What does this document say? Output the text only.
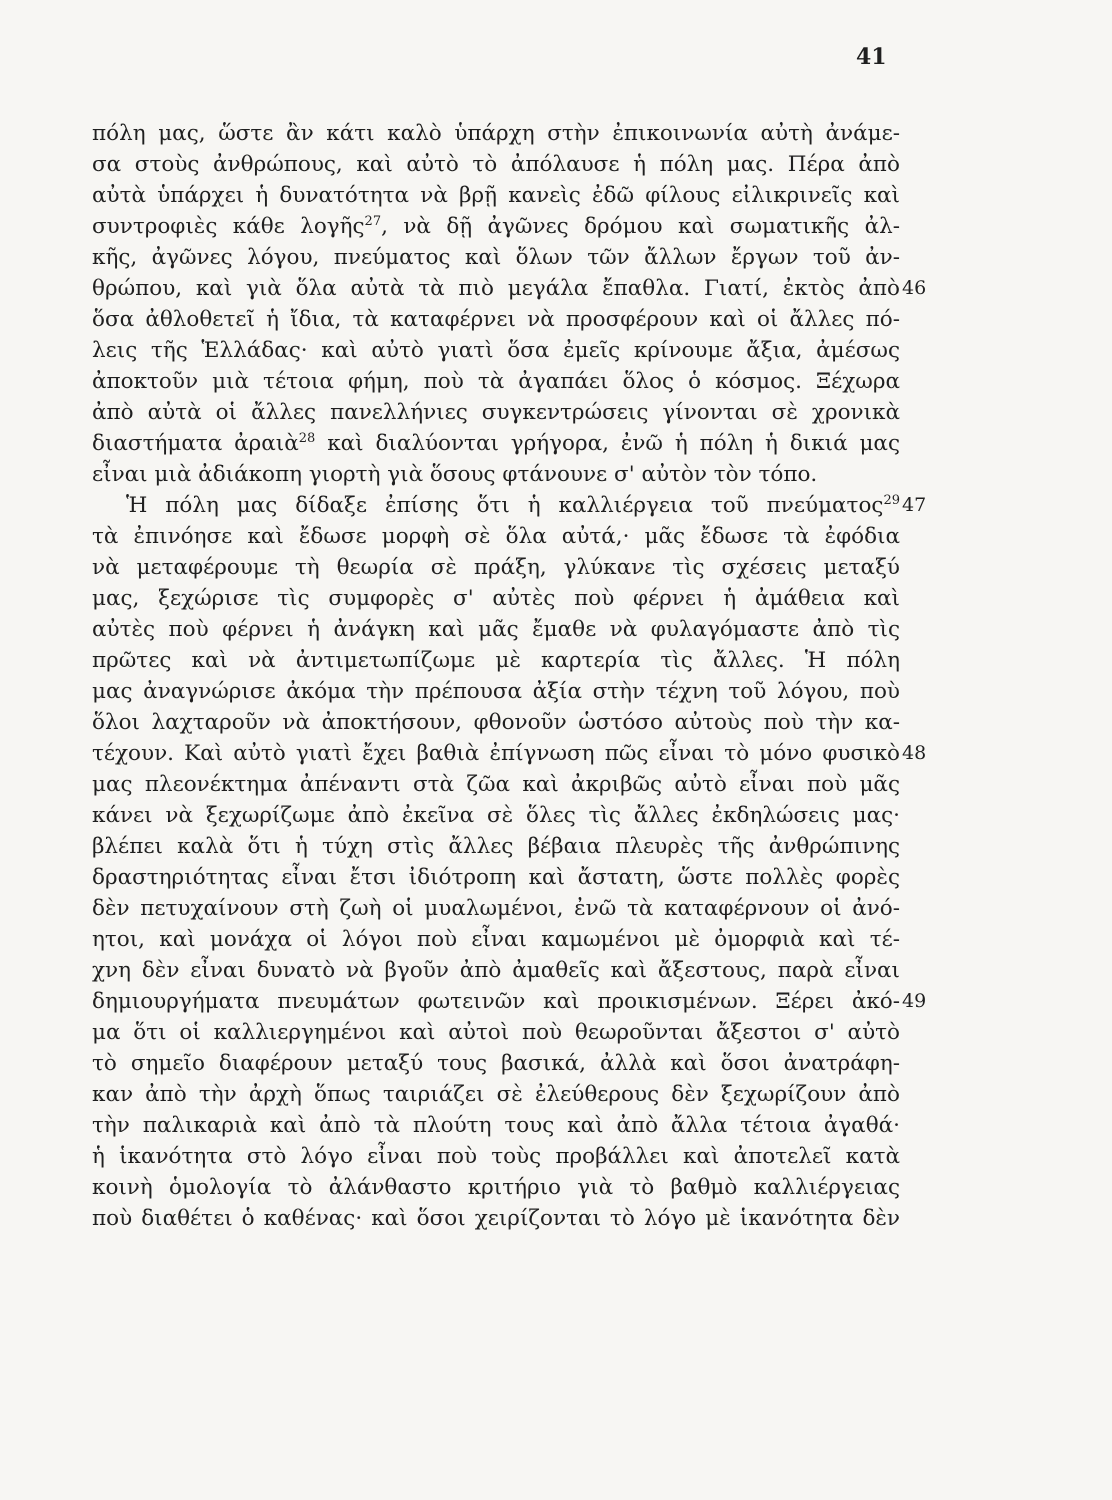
41
πόλη μας, ὥστε ἂν κάτι καλὸ ὑπάρχη στὴν ἐπικοινωνία αὐτὴ ἀνάμε-
σα στοὺς ἀνθρώπους, καὶ αὐτὸ τὸ ἀπόλαυσε ἡ πόλη μας. Πέρα ἀπὸ
αὐτὰ ὑπάρχει ἡ δυνατότητα νὰ βρῇ κανεὶς ἐδῶ φίλους εἰλικρινεῖς καὶ
συντροφιὲς κάθε λογῆς$^{27}$, νὰ δῇ ἀγῶνες δρόμου καὶ σωματικῆς ἀλ-
κῆς, ἀγῶνες λόγου, πνεύματος καὶ ὅλων τῶν ἄλλων ἔργων τοῦ ἀν-
θρώπου, καὶ γιὰ ὅλα αὐτὰ τὰ πιὸ μεγάλα ἔπαθλα. Γιατί, ἐκτὸς ἀπὸ 46
ὅσα ἀθλοθετεῖ ἡ ἴδια, τὰ καταφέρνει νὰ προσφέρουν καὶ οἱ ἄλλες πό-
λεις τῆς Ἑλλάδας· καὶ αὐτὸ γιατὶ ὅσα ἐμεῖς κρίνουμε ἄξια, ἀμέσως
ἀποκτοῦν μιὰ τέτοια φήμη, ποὺ τὰ ἀγαπάει ὅλος ὁ κόσμος. Ξέχωρα
ἀπὸ αὐτὰ οἱ ἄλλες πανελλήνιες συγκεντρώσεις γίνονται σὲ χρονικὰ
διαστήματα ἀραιὰ$^{28}$ καὶ διαλύονται γρήγορα, ἐνῶ ἡ πόλη ἡ δικιά μας
εἶναι μιὰ ἀδιάκοπη γιορτὴ γιὰ ὅσους φτάνουνε σ' αὐτὸν τὸν τόπο.
Ἡ πόλη μας δίδαξε ἐπίσης ὅτι ἡ καλλιέργεια τοῦ πνεύματος$^{29}$ 47
τὰ ἐπινόησε καὶ ἔδωσε μορφὴ σὲ ὅλα αὐτά,· μᾶς ἔδωσε τὰ ἐφόδια
νὰ μεταφέρουμε τὴ θεωρία σὲ πράξη, γλύκανε τὶς σχέσεις μεταξύ
μας, ξεχώρισε τὶς συμφορὲς σ' αὐτὲς ποὺ φέρνει ἡ ἀμάθεια καὶ
αὐτὲς ποὺ φέρνει ἡ ἀνάγκη καὶ μᾶς ἔμαθε νὰ φυλαγόμαστε ἀπὸ τὶς
πρῶτες καὶ νὰ ἀντιμετωπίζωμε μὲ καρτερία τὶς ἄλλες. Ἡ πόλη
μας ἀναγνώρισε ἀκόμα τὴν πρέπουσα ἀξία στὴν τέχνη τοῦ λόγου, ποὺ
ὅλοι λαχταροῦν νὰ ἀποκτήσουν, φθονοῦν ὡστόσο αὐτοὺς ποὺ τὴν κα-
τέχουν. Καὶ αὐτὸ γιατὶ ἔχει βαθιὰ ἐπίγνωση πῶς εἶναι τὸ μόνο φυσικὸ 48
μας πλεονέκτημα ἀπέναντι στὰ ζῶα καὶ ἀκριβῶς αὐτὸ εἶναι ποὺ μᾶς
κάνει νὰ ξεχωρίζωμε ἀπὸ ἐκεῖνα σὲ ὅλες τὶς ἄλλες ἐκδηλώσεις μας·
βλέπει καλὰ ὅτι ἡ τύχη στὶς ἄλλες βέβαια πλευρὲς τῆς ἀνθρώπινης
δραστηριότητας εἶναι ἔτσι ἰδιότροπη καὶ ἄστατη, ὥστε πολλὲς φορὲς
δὲν πετυχαίνουν στὴ ζωὴ οἱ μυαλωμένοι, ἐνῶ τὰ καταφέρνουν οἱ ἀνό-
ητοι, καὶ μονάχα οἱ λόγοι ποὺ εἶναι καμωμένοι μὲ ὀμορφιὰ καὶ τέ-
χνη δὲν εἶναι δυνατὸ νὰ βγοῦν ἀπὸ ἀμαθεῖς καὶ ἄξεστους, παρὰ εἶναι
δημιουργήματα πνευμάτων φωτεινῶν καὶ προικισμένων. Ξέρει ἀκό- 49
μα ὅτι οἱ καλλιεργημένοι καὶ αὐτοὶ ποὺ θεωροῦνται ἄξεστοι σ' αὐτὸ
τὸ σημεῖο διαφέρουν μεταξύ τους βασικά, ἀλλὰ καὶ ὅσοι ἀνατράφη-
καν ἀπὸ τὴν ἀρχὴ ὅπως ταιριάζει σὲ ἐλεύθερους δὲν ξεχωρίζουν ἀπὸ
τὴν παλικαριὰ καὶ ἀπὸ τὰ πλούτη τους καὶ ἀπὸ ἄλλα τέτοια ἀγαθά·
ἡ ἱκανότητα στὸ λόγο εἶναι ποὺ τοὺς προβάλλει καὶ ἀποτελεῖ κατὰ
κοινὴ ὁμολογία τὸ ἀλάνθαστο κριτήριο γιὰ τὸ βαθμὸ καλλιέργειας
ποὺ διαθέτει ὁ καθένας· καὶ ὅσοι χειρίζονται τὸ λόγο μὲ ἱκανότητα δὲν
